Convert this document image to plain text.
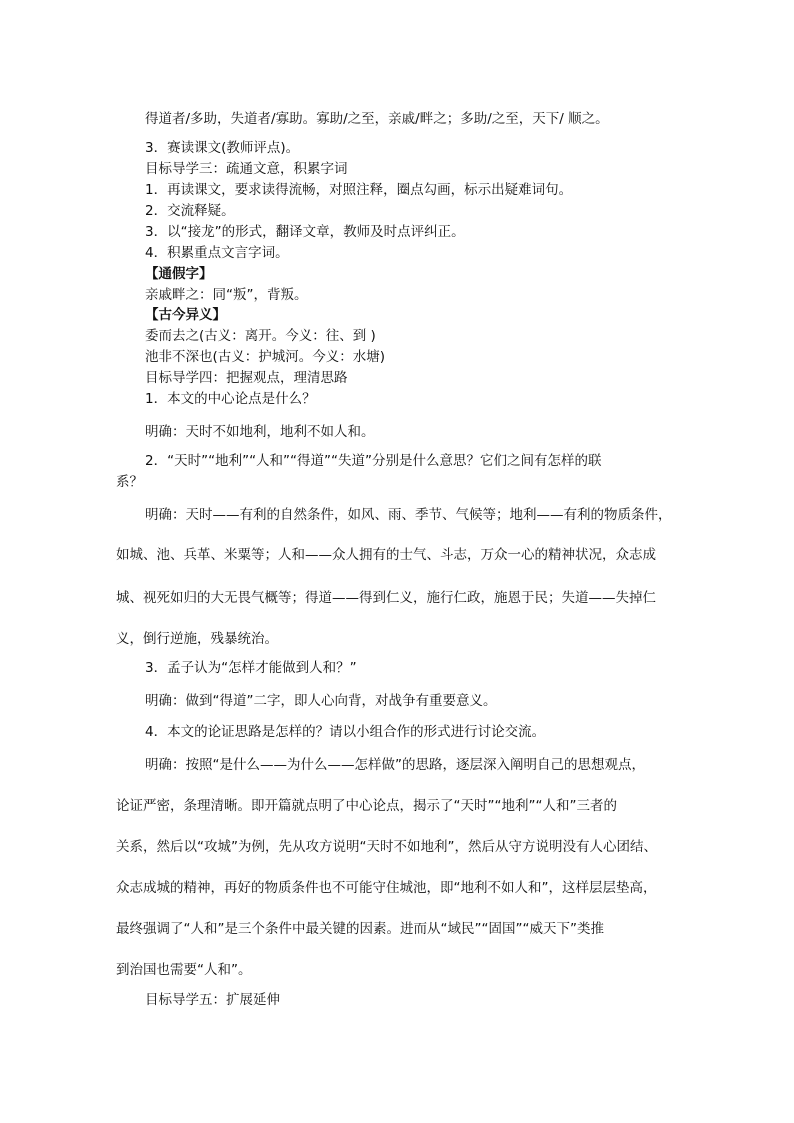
得道者/多助，失道者/寡助。寡助/之至，亲戚/畔之；多助/之至，天下/ 顺之。
3．赛读课文(教师评点)。
目标导学三：疏通文意，积累字词
1．再读课文，要求读得流畅，对照注释，圈点勾画，标示出疑难词句。
2．交流释疑。
3．以“接龙”的形式，翻译文章，教师及时点评纠正。
4．积累重点文言字词。
【通假字】
亲戚畔之：同“叛”，背叛。
【古今异义】
委而去之(古义：离开。今义：往、到 )
池非不深也(古义：护城河。今义：水塘)
目标导学四：把握观点，理清思路
1．本文的中心论点是什么？
明确：天时不如地利，地利不如人和。
2．“天时”“地利”“人和”“得道”“失道”分别是什么意思？它们之间有怎样的联
系？
明确：天时——有利的自然条件，如风、雨、季节、气候等；地利——有利的物质条件，
如城、池、兵革、米粟等；人和——众人拥有的士气、斗志，万众一心的精神状况，众志成
城、视死如归的大无畏气概等；得道——得到仁义，施行仁政，施恩于民；失道——失掉仁
义，倒行逆施，残暴统治。
3．孟子认为“怎样才能做到人和？”
明确：做到“得道”二字，即人心向背，对战争有重要意义。
4．本文的论证思路是怎样的？请以小组合作的形式进行讨论交流。
明确：按照“是什么——为什么——怎样做”的思路，逐层深入阐明自己的思想观点，
论证严密，条理清晰。即开篇就点明了中心论点，揭示了“天时”“地利”“人和”三者的
关系，然后以“攻城”为例，先从攻方说明“天时不如地利”，然后从守方说明没有人心团结、
众志成城的精神，再好的物质条件也不可能守住城池，即“地利不如人和”，这样层层垫高，
最终强调了“人和”是三个条件中最关键的因素。进而从“域民”“固国”“威天下”类推
到治国也需要“人和”。
目标导学五：扩展延伸
